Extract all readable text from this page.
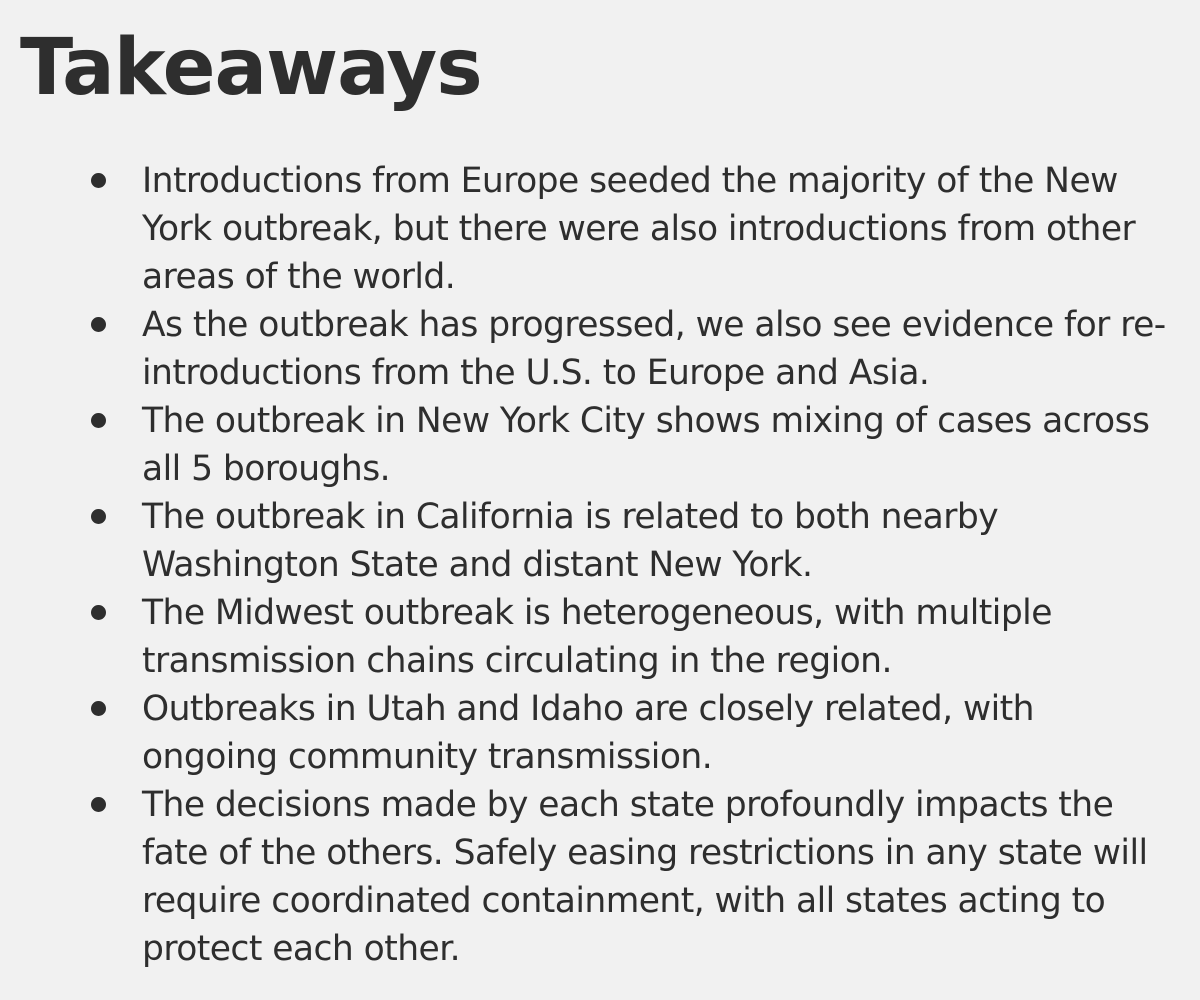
Takeaways
Introductions from Europe seeded the majority of the New York outbreak, but there were also introductions from other areas of the world.
As the outbreak has progressed, we also see evidence for re-introductions from the U.S. to Europe and Asia.
The outbreak in New York City shows mixing of cases across all 5 boroughs.
The outbreak in California is related to both nearby Washington State and distant New York.
The Midwest outbreak is heterogeneous, with multiple transmission chains circulating in the region.
Outbreaks in Utah and Idaho are closely related, with ongoing community transmission.
The decisions made by each state profoundly impacts the fate of the others. Safely easing restrictions in any state will require coordinated containment, with all states acting to protect each other.
